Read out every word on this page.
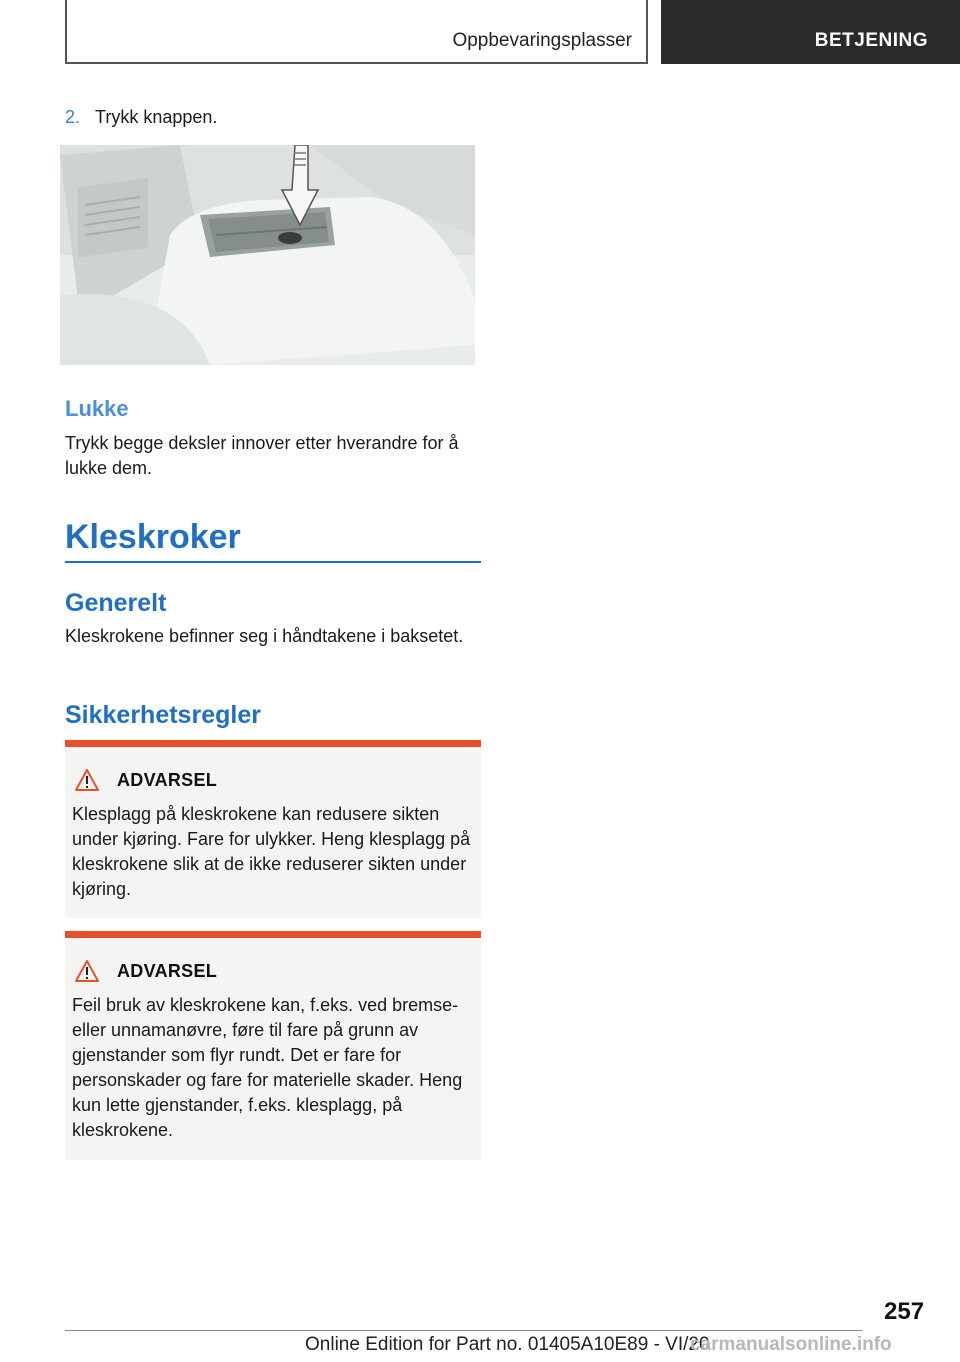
Oppbevaringsplasser	BETJENING
2. Trykk knappen.
Lukke
Trykk begge deksler innover etter hverandre for å lukke dem.
Kleskroker
Generelt
Kleskrokene befinner seg i håndtakene i baksetet.
Sikkerhetsregler
ADVARSEL
Klesplagg på kleskrokene kan redusere sikten under kjøring. Fare for ulykker. Heng klesplagg på kleskrokene slik at de ikke reduserer sikten under kjøring.
ADVARSEL
Feil bruk av kleskrokene kan, f.eks. ved bremse- eller unnamanøvre, føre til fare på grunn av gjenstander som flyr rundt. Det er fare for personskader og fare for materielle skader. Heng kun lette gjenstander, f.eks. klesplagg, på kleskrokene.
257
Online Edition for Part no. 01405A10E89 - VI/20
carmanualsonline.info
